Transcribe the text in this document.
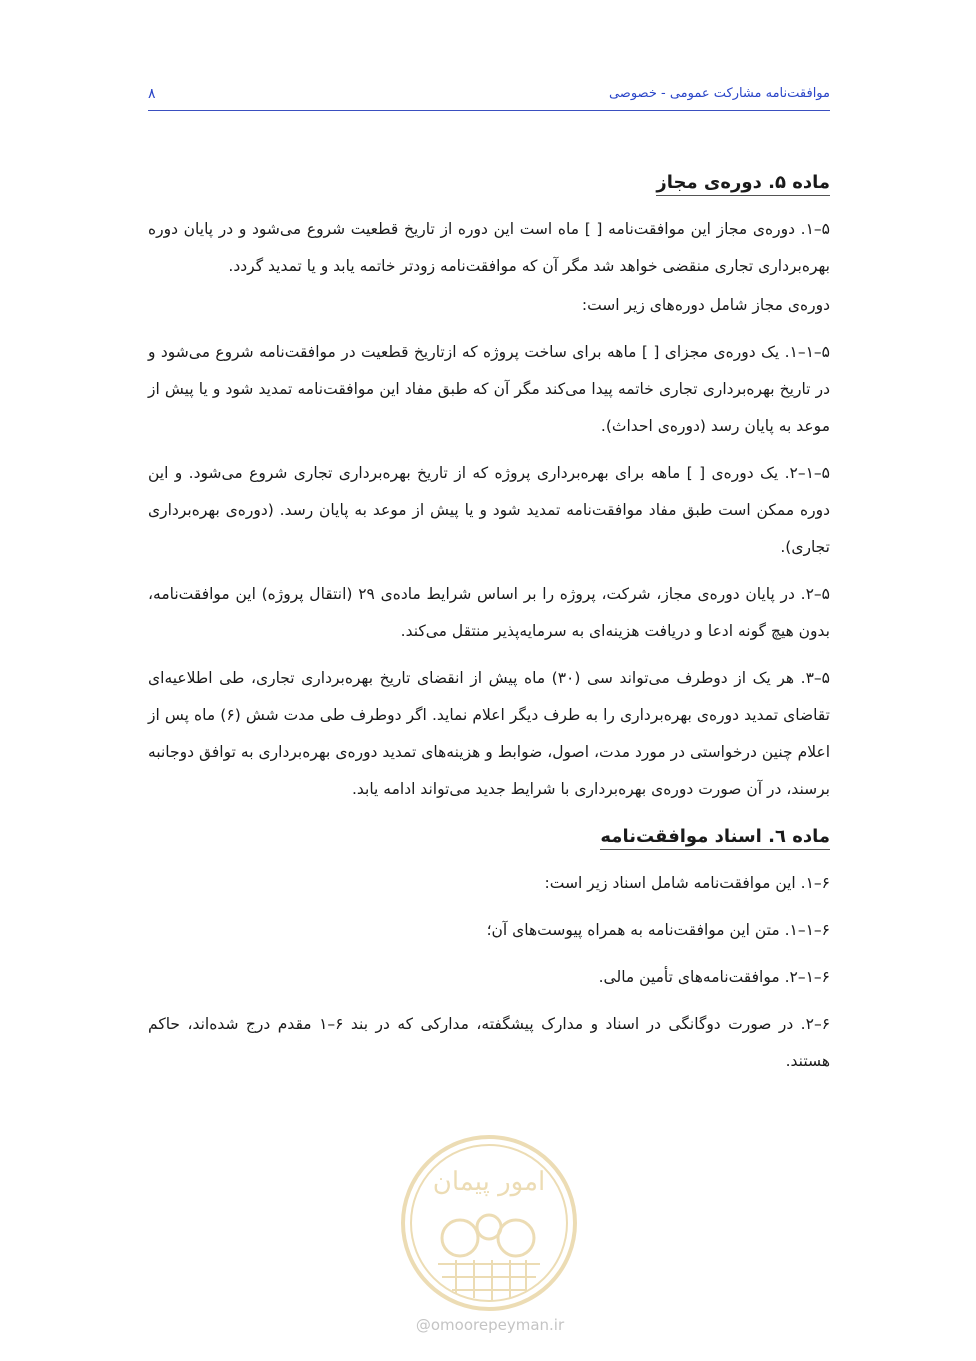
موافقت‌نامه مشارکت عمومی - خصوصی
۸
ماده ۵. دوره‌ی مجاز

۵–۱. دوره‌ی مجاز این موافقت‌نامه [ ] ماه است این دوره از تاریخ قطعیت شروع می‌شود و در پایان دوره بهره‌برداری تجاری منقضی خواهد شد مگر آن که موافقت‌نامه زودتر خاتمه یابد و یا تمدید گردد.

دوره‌ی مجاز شامل دوره‌های زیر است:

۵–۱–۱. یک دوره‌ی مجزای [ ] ماهه برای ساخت پروژه که ازتاریخ قطعیت در موافقت‌نامه شروع می‌شود و در تاریخ بهره‌برداری تجاری خاتمه پیدا می‌کند مگر آن که طبق مفاد این موافقت‌نامه تمدید شود و یا پیش از موعد به پایان رسد (دوره‌ی احداث).

۵–۱–۲. یک دوره‌ی [ ] ماهه برای بهره‌برداری پروژه که از تاریخ بهره‌برداری تجاری شروع می‌شود. و این دوره ممکن است طبق مفاد موافقت‌نامه تمدید شود و یا پیش از موعد به پایان رسد. (دوره‌ی بهره‌برداری تجاری).

۵–۲. در پایان دوره‌ی مجاز، شرکت، پروژه را بر اساس شرایط ماده‌ی ۲۹ (انتقال پروژه) این موافقت‌نامه، بدون هیچ گونه ادعا و دریافت هزینه‌ای به سرمایه‌پذیر منتقل می‌کند.

۵–۳. هر یک از دوطرف می‌تواند سی (۳۰) ماه پیش از انقضای تاریخ بهره‌برداری تجاری، طی اطلاعیه‌ای تقاضای تمدید دوره‌ی بهره‌برداری را به طرف دیگر اعلام نماید. اگر دوطرف طی مدت شش (۶) ماه پس از اعلام چنین درخواستی در مورد مدت، اصول، ضوابط و هزینه‌های تمدید دوره‌ی بهره‌برداری به توافق دوجانبه برسند، در آن صورت دوره‌ی بهره‌برداری با شرایط جدید می‌تواند ادامه یابد.

ماده ٦. اسناد موافقت‌نامه

۶–۱. این موافقت‌نامه شامل اسناد زیر است:

۶–۱–۱. متن این موافقت‌نامه به همراه پیوست‌های آن؛

۶–۱–۲. موافقت‌نامه‌های تأمین مالی.

۶–۲. در صورت دوگانگی در اسناد و مدارک پیشگفته، مدارکی که در بند ۶–۱ مقدم درج شده‌اند، حاکم هستند.

امور پیمان
@omoorepeyman.ir
